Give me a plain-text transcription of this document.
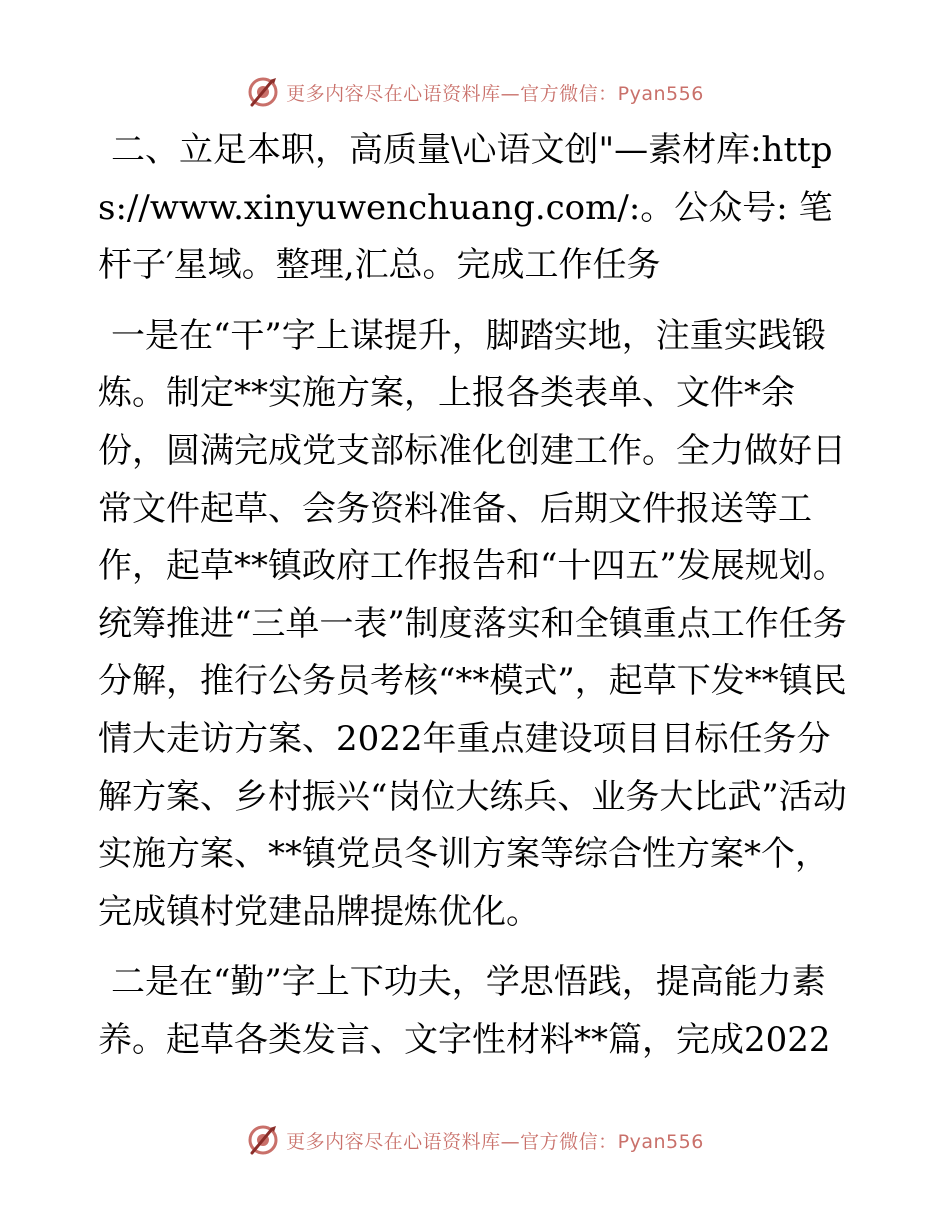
更多内容尽在心语资料库—官方微信：Pyan556

二、立足本职，高质量\心语文创"—素材库:https://www.xinyuwenchuang.com/:。公众号: 笔杆子′星域。整理,汇总。完成工作任务

一是在“干”字上谋提升，脚踏实地，注重实践锻炼。制定**实施方案，上报各类表单、文件*余份，圆满完成党支部标准化创建工作。全力做好日常文件起草、会务资料准备、后期文件报送等工作，起草**镇政府工作报告和“十四五”发展规划。统筹推进“三单一表”制度落实和全镇重点工作任务分解，推行公务员考核“**模式”，起草下发**镇民情大走访方案、2022年重点建设项目目标任务分解方案、乡村振兴“岗位大练兵、业务大比武”活动实施方案、**镇党员冬训方案等综合性方案*个，完成镇村党建品牌提炼优化。

二是在“勤”字上下功夫，学思悟践，提高能力素养。起草各类发言、文字性材料**篇，完成2022

更多内容尽在心语资料库—官方微信：Pyan556
